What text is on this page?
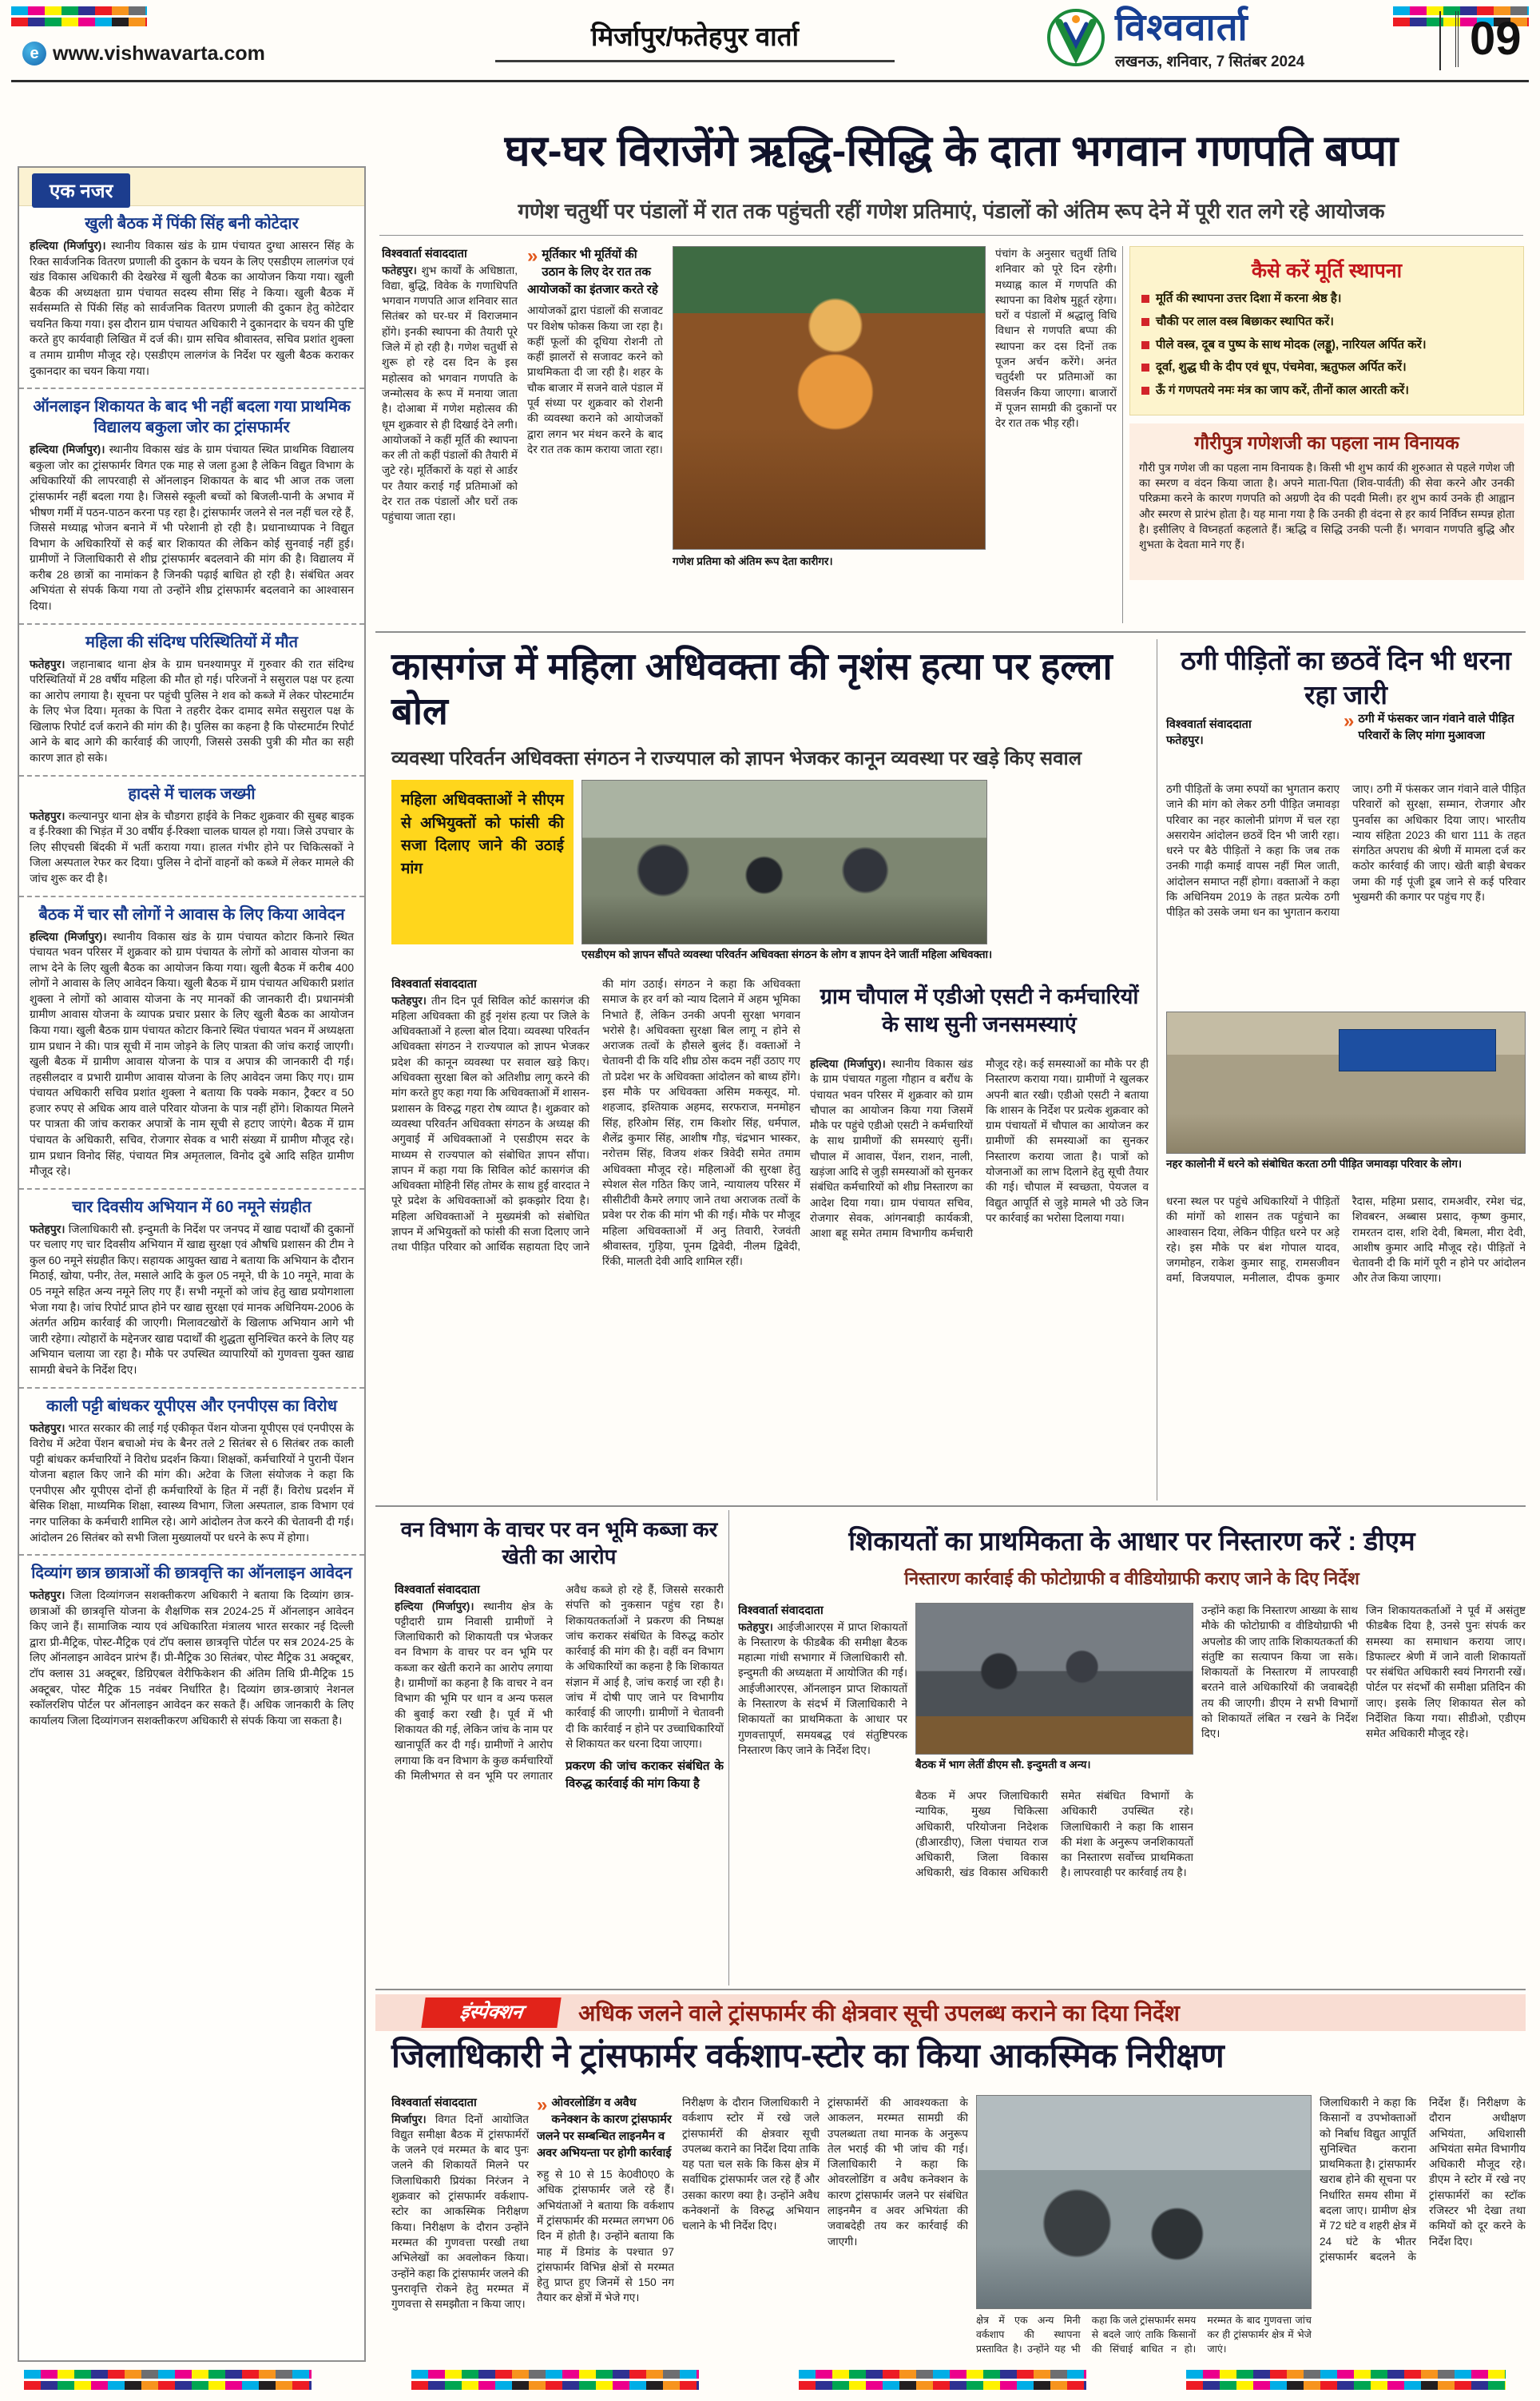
e www.vishwavarta.com
मिर्जापुर/फतेहपुर वार्ता	विश्ववार्ता
लखनऊ, शनिवार, 7 सितंबर 2024	09
एक नजर
खुली बैठक में पिंकी सिंह बनी कोटेदार
हल्दिया (मिर्जापुर)। स्थानीय विकास खंड के ग्राम पंचायत दुग्धा आसरन सिंह के रिक्त सार्वजनिक वितरण प्रणाली की दुकान के चयन के लिए एसडीएम लालगंज एवं खंड विकास अधिकारी की देखरेख में खुली बैठक का आयोजन किया गया। खुली बैठक की अध्यक्षता ग्राम पंचायत सदस्य सीमा सिंह ने किया। खुली बैठक में सर्वसम्मति से पिंकी सिंह को सार्वजनिक वितरण प्रणाली की दुकान हेतु कोटेदार चयनित किया गया। इस दौरान ग्राम पंचायत अधिकारी ने दुकानदार के चयन की पुष्टि करते हुए कार्यवाही लिखित में दर्ज की। ग्राम सचिव श्रीवास्तव, सचिव प्रशांत शुक्ला व तमाम ग्रामीण मौजूद रहे। एसडीएम लालगंज के निर्देश पर खुली बैठक कराकर दुकानदार का चयन किया गया।
ऑनलाइन शिकायत के बाद भी नहीं बदला गया प्राथमिक विद्यालय बकुला जोर का ट्रांसफार्मर
हल्दिया (मिर्जापुर)। स्थानीय विकास खंड के ग्राम पंचायत स्थित प्राथमिक विद्यालय बकुला जोर का ट्रांसफार्मर विगत एक माह से जला हुआ है लेकिन विद्युत विभाग के अधिकारियों की लापरवाही से ऑनलाइन शिकायत के बाद भी आज तक जला ट्रांसफार्मर नहीं बदला गया है। जिससे स्कूली बच्चों को बिजली-पानी के अभाव में भीषण गर्मी में पठन-पाठन करना पड़ रहा है। ट्रांसफार्मर जलने से नल नहीं चल रहे हैं, जिससे मध्याह्न भोजन बनाने में भी परेशानी हो रही है। प्रधानाध्यापक ने विद्युत विभाग के अधिकारियों से कई बार शिकायत की लेकिन कोई सुनवाई नहीं हुई। ग्रामीणों ने जिलाधिकारी से शीघ्र ट्रांसफार्मर बदलवाने की मांग की है। विद्यालय में करीब 28 छात्रों का नामांकन है जिनकी पढ़ाई बाधित हो रही है। संबंधित अवर अभियंता से संपर्क किया गया तो उन्होंने शीघ्र ट्रांसफार्मर बदलवाने का आश्वासन दिया।
महिला की संदिग्ध परिस्थितियों में मौत
फतेहपुर। जहानाबाद थाना क्षेत्र के ग्राम घनश्यामपुर में गुरुवार की रात संदिग्ध परिस्थितियों में 28 वर्षीय महिला की मौत हो गई। परिजनों ने ससुराल पक्ष पर हत्या का आरोप लगाया है। सूचना पर पहुंची पुलिस ने शव को कब्जे में लेकर पोस्टमार्टम के लिए भेज दिया। मृतका के पिता ने तहरीर देकर दामाद समेत ससुराल पक्ष के खिलाफ रिपोर्ट दर्ज कराने की मांग की है। पुलिस का कहना है कि पोस्टमार्टम रिपोर्ट आने के बाद आगे की कार्रवाई की जाएगी, जिससे उसकी पुत्री की मौत का सही कारण ज्ञात हो सके।
हादसे में चालक जख्मी
फतेहपुर। कल्यानपुर थाना क्षेत्र के चौडगरा हाईवे के निकट शुक्रवार की सुबह बाइक व ई-रिक्शा की भिड़ंत में 30 वर्षीय ई-रिक्शा चालक घायल हो गया। जिसे उपचार के लिए सीएचसी बिंदकी में भर्ती कराया गया। हालत गंभीर होने पर चिकित्सकों ने जिला अस्पताल रेफर कर दिया। पुलिस ने दोनों वाहनों को कब्जे में लेकर मामले की जांच शुरू कर दी है।
बैठक में चार सौ लोगों ने आवास के लिए किया आवेदन
हल्दिया (मिर्जापुर)। स्थानीय विकास खंड के ग्राम पंचायत कोटार किनारे स्थित पंचायत भवन परिसर में शुक्रवार को ग्राम पंचायत के लोगों को आवास योजना का लाभ देने के लिए खुली बैठक का आयोजन किया गया। खुली बैठक में करीब 400 लोगों ने आवास के लिए आवेदन किया। खुली बैठक में ग्राम पंचायत अधिकारी प्रशांत शुक्ला ने लोगों को आवास योजना के नए मानकों की जानकारी दी। प्रधानमंत्री ग्रामीण आवास योजना के व्यापक प्रचार प्रसार के लिए खुली बैठक का आयोजन किया गया। खुली बैठक ग्राम पंचायत कोटार किनारे स्थित पंचायत भवन में अध्यक्षता ग्राम प्रधान ने की। पात्र सूची में नाम जोड़ने के लिए पात्रता की जांच कराई जाएगी। खुली बैठक में ग्रामीण आवास योजना के पात्र व अपात्र की जानकारी दी गई। तहसीलदार व प्रभारी ग्रामीण आवास योजना के लिए आवेदन जमा किए गए। ग्राम पंचायत अधिकारी सचिव प्रशांत शुक्ला ने बताया कि पक्के मकान, ट्रैक्टर व 50 हजार रुपए से अधिक आय वाले परिवार योजना के पात्र नहीं होंगे। शिकायत मिलने पर पात्रता की जांच कराकर अपात्रों के नाम सूची से हटाए जाएंगे। बैठक में ग्राम पंचायत के अधिकारी, सचिव, रोजगार सेवक व भारी संख्या में ग्रामीण मौजूद रहे। ग्राम प्रधान विनोद सिंह, पंचायत मित्र अमृतलाल, विनोद दुबे आदि सहित ग्रामीण मौजूद रहे।
चार दिवसीय अभियान में 60 नमूने संग्रहीत
फतेहपुर। जिलाधिकारी सौ. इन्दुमती के निर्देश पर जनपद में खाद्य पदार्थों की दुकानों पर चलाए गए चार दिवसीय अभियान में खाद्य सुरक्षा एवं औषधि प्रशासन की टीम ने कुल 60 नमूने संग्रहीत किए। सहायक आयुक्त खाद्य ने बताया कि अभियान के दौरान मिठाई, खोया, पनीर, तेल, मसाले आदि के कुल 05 नमूने, घी के 10 नमूने, मावा के 05 नमूने सहित अन्य नमूने लिए गए हैं। सभी नमूनों को जांच हेतु खाद्य प्रयोगशाला भेजा गया है। जांच रिपोर्ट प्राप्त होने पर खाद्य सुरक्षा एवं मानक अधिनियम-2006 के अंतर्गत अग्रिम कार्रवाई की जाएगी। मिलावटखोरों के खिलाफ अभियान आगे भी जारी रहेगा। त्योहारों के मद्देनजर खाद्य पदार्थों की शुद्धता सुनिश्चित करने के लिए यह अभियान चलाया जा रहा है। मौके पर उपस्थित व्यापारियों को गुणवत्ता युक्त खाद्य सामग्री बेचने के निर्देश दिए।
काली पट्टी बांधकर यूपीएस और एनपीएस का विरोध
फतेहपुर। भारत सरकार की लाई गई एकीकृत पेंशन योजना यूपीएस एवं एनपीएस के विरोध में अटेवा पेंशन बचाओ मंच के बैनर तले 2 सितंबर से 6 सितंबर तक काली पट्टी बांधकर कर्मचारियों ने विरोध प्रदर्शन किया। शिक्षकों, कर्मचारियों ने पुरानी पेंशन योजना बहाल किए जाने की मांग की। अटेवा के जिला संयोजक ने कहा कि एनपीएस और यूपीएस दोनों ही कर्मचारियों के हित में नहीं हैं। विरोध प्रदर्शन में बेसिक शिक्षा, माध्यमिक शिक्षा, स्वास्थ्य विभाग, जिला अस्पताल, डाक विभाग एवं नगर पालिका के कर्मचारी शामिल रहे। आगे आंदोलन तेज करने की चेतावनी दी गई। आंदोलन 26 सितंबर को सभी जिला मुख्यालयों पर धरने के रूप में होगा।
दिव्यांग छात्र छात्राओं की छात्रवृत्ति का ऑनलाइन आवेदन
फतेहपुर। जिला दिव्यांगजन सशक्तीकरण अधिकारी ने बताया कि दिव्यांग छात्र-छात्राओं की छात्रवृत्ति योजना के शैक्षणिक सत्र 2024-25 में ऑनलाइन आवेदन किए जाने हैं। सामाजिक न्याय एवं अधिकारिता मंत्रालय भारत सरकार नई दिल्ली द्वारा प्री-मैट्रिक, पोस्ट-मैट्रिक एवं टॉप क्लास छात्रवृत्ति पोर्टल पर सत्र 2024-25 के लिए ऑनलाइन आवेदन प्रारंभ हैं। प्री-मैट्रिक 30 सितंबर, पोस्ट मैट्रिक 31 अक्टूबर, टॉप क्लास 31 अक्टूबर, डिग्रिएबल वेरीफिकेशन की अंतिम तिथि प्री-मैट्रिक 15 अक्टूबर, पोस्ट मैट्रिक 15 नवंबर निर्धारित है। दिव्यांग छात्र-छात्राएं नेशनल स्कॉलरशिप पोर्टल पर ऑनलाइन आवेदन कर सकते हैं। अधिक जानकारी के लिए कार्यालय जिला दिव्यांगजन सशक्तीकरण अधिकारी से संपर्क किया जा सकता है।
घर-घर विराजेंगे ऋद्धि-सिद्धि के दाता भगवान गणपति बप्पा
गणेश चतुर्थी पर पंडालों में रात तक पहुंचती रहीं गणेश प्रतिमाएं, पंडालों को अंतिम रूप देने में पूरी रात लगे रहे आयोजक
विश्ववार्ता संवाददाता
फतेहपुर। शुभ कार्यों के अधिष्ठाता, विद्या, बुद्धि, विवेक के गणाधिपति भगवान गणपति आज शनिवार सात सितंबर को घर-घर में विराजमान होंगे। इनकी स्थापना की तैयारी पूरे जिले में हो रही है। गणेश चतुर्थी से शुरू हो रहे दस दिन के इस महोत्सव को भगवान गणपति के जन्मोत्सव के रूप में मनाया जाता है। दोआबा में गणेश महोत्सव की धूम शुक्रवार से ही दिखाई देने लगी। आयोजकों ने कहीं मूर्ति की स्थापना कर ली तो कहीं पंडालों की तैयारी में जुटे रहे। मूर्तिकारों के यहां से आर्डर पर तैयार कराई गईं प्रतिमाओं को देर रात तक पंडालों और घरों तक पहुंचाया जाता रहा।
» मूर्तिकार भी मूर्तियों की उठान के लिए देर रात तक आयोजकों का इंतजार करते रहे
आयोजकों द्वारा पंडालों की सजावट पर विशेष फोकस किया जा रहा है। कहीं फूलों की दूधिया रोशनी तो कहीं झालरों से सजावट करने को प्राथमिकता दी जा रही है। शहर के चौक बाजार में सजने वाले पंडाल में पूर्व संध्या पर शुक्रवार को रोशनी की व्यवस्था कराने को आयोजकों द्वारा लगन भर मंथन करने के बाद देर रात तक काम कराया जाता रहा।
गणेश प्रतिमा को अंतिम रूप देता कारीगर।
पंचांग के अनुसार चतुर्थी तिथि शनिवार को पूरे दिन रहेगी। मध्याह्न काल में गणपति की स्थापना का विशेष मुहूर्त रहेगा। घरों व पंडालों में श्रद्धालु विधि विधान से गणपति बप्पा की स्थापना कर दस दिनों तक पूजन अर्चन करेंगे। अनंत चतुर्दशी पर प्रतिमाओं का विसर्जन किया जाएगा। बाजारों में पूजन सामग्री की दुकानों पर देर रात तक भीड़ रही।
कैसे करें मूर्ति स्थापना
मूर्ति की स्थापना उत्तर दिशा में करना श्रेष्ठ है।
चौकी पर लाल वस्त्र बिछाकर स्थापित करें।
पीले वस्त्र, दूब व पुष्प के साथ मोदक (लड्डू), नारियल अर्पित करें।
दूर्वा, शुद्ध घी के दीप एवं धूप, पंचमेवा, ऋतुफल अर्पित करें।
ऊँ गं गणपतये नमः मंत्र का जाप करें, तीनों काल आरती करें।
गौरीपुत्र गणेशजी का पहला नाम विनायक
गौरी पुत्र गणेश जी का पहला नाम विनायक है। किसी भी शुभ कार्य की शुरुआत से पहले गणेश जी का स्मरण व वंदन किया जाता है। अपने माता-पिता (शिव-पार्वती) की सेवा करने और उनकी परिक्रमा करने के कारण गणपति को अग्रणी देव की पदवी मिली। हर शुभ कार्य उनके ही आह्वान और स्मरण से प्रारंभ होता है। यह माना गया है कि उनकी ही वंदना से हर कार्य निर्विघ्न सम्पन्न होता है। इसीलिए वे विघ्नहर्ता कहलाते हैं। ऋद्धि व सिद्धि उनकी पत्नी हैं। भगवान गणपति बुद्धि और शुभता के देवता माने गए हैं।
कासगंज में महिला अधिवक्ता की नृशंस हत्या पर हल्ला बोल
व्यवस्था परिवर्तन अधिवक्ता संगठन ने राज्यपाल को ज्ञापन भेजकर कानून व्यवस्था पर खड़े किए सवाल
महिला अधिवक्ताओं ने सीएम से अभियुक्तों को फांसी की सजा दिलाए जाने की उठाई मांग
एसडीएम को ज्ञापन सौंपते व्यवस्था परिवर्तन अधिवक्ता संगठन के लोग व ज्ञापन देने जातीं महिला अधिवक्ता।
विश्ववार्ता संवाददाता
फतेहपुर। तीन दिन पूर्व सिविल कोर्ट कासगंज की महिला अधिवक्ता की हुई नृशंस हत्या पर जिले के अधिवक्ताओं ने हल्ला बोल दिया। व्यवस्था परिवर्तन अधिवक्ता संगठन ने राज्यपाल को ज्ञापन भेजकर प्रदेश की कानून व्यवस्था पर सवाल खड़े किए। अधिवक्ता सुरक्षा बिल को अतिशीघ्र लागू करने की मांग करते हुए कहा गया कि अधिवक्ताओं में शासन-प्रशासन के विरुद्ध गहरा रोष व्याप्त है। शुक्रवार को व्यवस्था परिवर्तन अधिवक्ता संगठन के अध्यक्ष की अगुवाई में अधिवक्ताओं ने एसडीएम सदर के माध्यम से राज्यपाल को संबोधित ज्ञापन सौंपा। ज्ञापन में कहा गया कि सिविल कोर्ट कासगंज की अधिवक्ता मोहिनी सिंह तोमर के साथ हुई वारदात ने पूरे प्रदेश के अधिवक्ताओं को झकझोर दिया है। महिला अधिवक्ताओं ने मुख्यमंत्री को संबोधित ज्ञापन में अभियुक्तों को फांसी की सजा दिलाए जाने तथा पीड़ित परिवार को आर्थिक सहायता दिए जाने की मांग उठाई। संगठन ने कहा कि अधिवक्ता समाज के हर वर्ग को न्याय दिलाने में अहम भूमिका निभाते हैं, लेकिन उनकी अपनी सुरक्षा भगवान भरोसे है। अधिवक्ता सुरक्षा बिल लागू न होने से अराजक तत्वों के हौसले बुलंद हैं। वक्ताओं ने चेतावनी दी कि यदि शीघ्र ठोस कदम नहीं उठाए गए तो प्रदेश भर के अधिवक्ता आंदोलन को बाध्य होंगे। इस मौके पर अधिवक्ता असिम मकसूद, मो. शहजाद, इश्तियाक अहमद, सरफराज, मनमोहन सिंह, हरिओम सिंह, राम किशोर सिंह, धर्मपाल, शैलेंद्र कुमार सिंह, आशीष गौड़, चंद्रभान भास्कर, नरोत्तम सिंह, विजय शंकर त्रिवेदी समेत तमाम अधिवक्ता मौजूद रहे। महिलाओं की सुरक्षा हेतु स्पेशल सेल गठित किए जाने, न्यायालय परिसर में सीसीटीवी कैमरे लगाए जाने तथा अराजक तत्वों के प्रवेश पर रोक की मांग भी की गई। मौके पर मौजूद महिला अधिवक्ताओं में अनु तिवारी, रेजवंती श्रीवास्तव, गुड़िया, पूनम द्विवेदी, नीलम द्विवेदी, रिंकी, मालती देवी आदि शामिल रहीं।
ग्राम चौपाल में एडीओ एसटी ने कर्मचारियों के साथ सुनी जनसमस्याएं
हल्दिया (मिर्जापुर)। स्थानीय विकास खंड के ग्राम पंचायत गहुला गौहान व बरौंध के पंचायत भवन परिसर में शुक्रवार को ग्राम चौपाल का आयोजन किया गया जिसमें मौके पर पहुंचे एडीओ एसटी ने कर्मचारियों के साथ ग्रामीणों की समस्याएं सुनीं। चौपाल में आवास, पेंशन, राशन, नाली, खड़ंजा आदि से जुड़ी समस्याओं को सुनकर संबंधित कर्मचारियों को शीघ्र निस्तारण का आदेश दिया गया। ग्राम पंचायत सचिव, रोजगार सेवक, आंगनबाड़ी कार्यकत्री, आशा बहू समेत तमाम विभागीय कर्मचारी मौजूद रहे। कई समस्याओं का मौके पर ही निस्तारण कराया गया। ग्रामीणों ने खुलकर अपनी बात रखी। एडीओ एसटी ने बताया कि शासन के निर्देश पर प्रत्येक शुक्रवार को ग्राम पंचायतों में चौपाल का आयोजन कर ग्रामीणों की समस्याओं का सुनकर निस्तारण कराया जाता है। पात्रों को योजनाओं का लाभ दिलाने हेतु सूची तैयार की गई। चौपाल में स्वच्छता, पेयजल व विद्युत आपूर्ति से जुड़े मामले भी उठे जिन पर कार्रवाई का भरोसा दिलाया गया।
ठगी पीड़ितों का छठवें दिन भी धरना रहा जारी
विश्ववार्ता संवाददाता
फतेहपुर।
» ठगी में फंसकर जान गंवाने वाले पीड़ित परिवारों के लिए मांगा मुआवजा
ठगी पीड़ितों के जमा रुपयों का भुगतान कराए जाने की मांग को लेकर ठगी पीड़ित जमावड़ा परिवार का नहर कालोनी प्रांगण में चल रहा असरायेन आंदोलन छठवें दिन भी जारी रहा। धरने पर बैठे पीड़ितों ने कहा कि जब तक उनकी गाढ़ी कमाई वापस नहीं मिल जाती, आंदोलन समाप्त नहीं होगा। वक्ताओं ने कहा कि अधिनियम 2019 के तहत प्रत्येक ठगी पीड़ित को उसके जमा धन का भुगतान कराया जाए। ठगी में फंसकर जान गंवाने वाले पीड़ित परिवारों को सुरक्षा, सम्मान, रोजगार और पुनर्वास का अधिकार दिया जाए। भारतीय न्याय संहिता 2023 की धारा 111 के तहत संगठित अपराध की श्रेणी में मामला दर्ज कर कठोर कार्रवाई की जाए। खेती बाड़ी बेचकर जमा की गई पूंजी डूब जाने से कई परिवार भुखमरी की कगार पर पहुंच गए हैं।
नहर कालोनी में धरने को संबोधित करता ठगी पीड़ित जमावड़ा परिवार के लोग।
धरना स्थल पर पहुंचे अधिकारियों ने पीड़ितों की मांगों को शासन तक पहुंचाने का आश्वासन दिया, लेकिन पीड़ित धरने पर अड़े रहे। इस मौके पर बंश गोपाल यादव, जगमोहन, राकेश कुमार साहू, रामसजीवन वर्मा, विजयपाल, मनीलाल, दीपक कुमार रैदास, महिमा प्रसाद, रामअवीर, रमेश चंद्र, शिवबरन, अब्बास प्रसाद, कृष्ण कुमार, रामरतन दास, शशि देवी, बिमला, मीरा देवी, आशीष कुमार आदि मौजूद रहे। पीड़ितों ने चेतावनी दी कि मांगें पूरी न होने पर आंदोलन और तेज किया जाएगा।
वन विभाग के वाचर पर वन भूमि कब्जा कर खेती का आरोप
विश्ववार्ता संवाददाता
हल्दिया (मिर्जापुर)। स्थानीय क्षेत्र के पट्टीदारी ग्राम निवासी ग्रामीणों ने जिलाधिकारी को शिकायती पत्र भेजकर वन विभाग के वाचर पर वन भूमि पर कब्जा कर खेती कराने का आरोप लगाया है। ग्रामीणों का कहना है कि वाचर ने वन विभाग की भूमि पर धान व अन्य फसल की बुवाई करा रखी है। पूर्व में भी शिकायत की गई, लेकिन जांच के नाम पर खानापूर्ति कर दी गई। ग्रामीणों ने आरोप लगाया कि वन विभाग के कुछ कर्मचारियों की मिलीभगत से वन भूमि पर लगातार अवैध कब्जे हो रहे हैं, जिससे सरकारी संपत्ति को नुकसान पहुंच रहा है। शिकायतकर्ताओं ने प्रकरण की निष्पक्ष जांच कराकर संबंधित के विरुद्ध कठोर कार्रवाई की मांग की है। वहीं वन विभाग के अधिकारियों का कहना है कि शिकायत संज्ञान में आई है, जांच कराई जा रही है। जांच में दोषी पाए जाने पर विभागीय कार्रवाई की जाएगी। ग्रामीणों ने चेतावनी दी कि कार्रवाई न होने पर उच्चाधिकारियों से शिकायत कर धरना दिया जाएगा।
प्रकरण की जांच कराकर संबंधित के विरुद्ध कार्रवाई की मांग किया है
शिकायतों का प्राथमिकता के आधार पर निस्तारण करें : डीएम
निस्तारण कार्रवाई की फोटोग्राफी व वीडियोग्राफी कराए जाने के दिए निर्देश
विश्ववार्ता संवाददाता
फतेहपुर। आईजीआरएस में प्राप्त शिकायतों के निस्तारण के फीडबैक की समीक्षा बैठक महात्मा गांधी सभागार में जिलाधिकारी सौ. इन्दुमती की अध्यक्षता में आयोजित की गई। आईजीआरएस, ऑनलाइन प्राप्त शिकायतों के निस्तारण के संदर्भ में जिलाधिकारी ने शिकायतों का प्राथमिकता के आधार पर गुणवत्तापूर्ण, समयबद्ध एवं संतुष्टिपरक निस्तारण किए जाने के निर्देश दिए।
बैठक में भाग लेतीं डीएम सौ. इन्दुमती व अन्य।
बैठक में अपर जिलाधिकारी न्यायिक, मुख्य चिकित्सा अधिकारी, परियोजना निदेशक (डीआरडीए), जिला पंचायत राज अधिकारी, जिला विकास अधिकारी, खंड विकास अधिकारी समेत संबंधित विभागों के अधिकारी उपस्थित रहे। जिलाधिकारी ने कहा कि शासन की मंशा के अनुरूप जनशिकायतों का निस्तारण सर्वोच्च प्राथमिकता है। लापरवाही पर कार्रवाई तय है।
उन्होंने कहा कि निस्तारण आख्या के साथ मौके की फोटोग्राफी व वीडियोग्राफी भी अपलोड की जाए ताकि शिकायतकर्ता की संतुष्टि का सत्यापन किया जा सके। शिकायतों के निस्तारण में लापरवाही बरतने वाले अधिकारियों की जवाबदेही तय की जाएगी। डीएम ने सभी विभागों को शिकायतें लंबित न रखने के निर्देश दिए।
जिन शिकायतकर्ताओं ने पूर्व में असंतुष्ट फीडबैक दिया है, उनसे पुनः संपर्क कर समस्या का समाधान कराया जाए। डिफाल्टर श्रेणी में जाने वाली शिकायतों पर संबंधित अधिकारी स्वयं निगरानी रखें। पोर्टल पर संदर्भों की समीक्षा प्रतिदिन की जाए। इसके लिए शिकायत सेल को निर्देशित किया गया। सीडीओ, एडीएम समेत अधिकारी मौजूद रहे।
इंस्पेक्शन	अधिक जलने वाले ट्रांसफार्मर की क्षेत्रवार सूची उपलब्ध कराने का दिया निर्देश
जिलाधिकारी ने ट्रांसफार्मर वर्कशाप-स्टोर का किया आकस्मिक निरीक्षण
विश्ववार्ता संवाददाता
मिर्जापुर। विगत दिनों आयोजित विद्युत समीक्षा बैठक में ट्रांसफार्मरों के जलने एवं मरम्मत के बाद पुनः जलने की शिकायतें मिलने पर जिलाधिकारी प्रियंका निरंजन ने शुक्रवार को ट्रांसफार्मर वर्कशाप-स्टोर का आकस्मिक निरीक्षण किया। निरीक्षण के दौरान उन्होंने मरम्मत की गुणवत्ता परखी तथा अभिलेखों का अवलोकन किया। उन्होंने कहा कि ट्रांसफार्मर जलने की पुनरावृत्ति रोकने हेतु मरम्मत में गुणवत्ता से समझौता न किया जाए।
» ओवरलोडिंग व अवैध कनेक्शन के कारण ट्रांसफार्मर जलने पर सम्बन्धित लाइनमैन व अवर अभियन्ता पर होगी कार्रवाई
रुहु से 10 से 15 के0वी0ए0 के अधिक ट्रांसफार्मर जले रहे हैं। अभियंताओं ने बताया कि वर्कशाप में ट्रांसफार्मर की मरम्मत लगभग 06 दिन में होती है। उन्होंने बताया कि माह में डिमांड के पश्चात 97 ट्रांसफार्मर विभिन्न क्षेत्रों से मरम्मत हेतु प्राप्त हुए जिनमें से 150 नग तैयार कर क्षेत्रों में भेजे गए।
निरीक्षण के दौरान जिलाधिकारी ने वर्कशाप स्टोर में रखे जले ट्रांसफार्मरों की क्षेत्रवार सूची उपलब्ध कराने का निर्देश दिया ताकि यह पता चल सके कि किस क्षेत्र में सर्वाधिक ट्रांसफार्मर जल रहे हैं और उसका कारण क्या है। उन्होंने अवैध कनेक्शनों के विरुद्ध अभियान चलाने के भी निर्देश दिए।
ट्रांसफार्मरों की आवश्यकता के आकलन, मरम्मत सामग्री की उपलब्धता तथा मानक के अनुरूप तेल भराई की भी जांच की गई। जिलाधिकारी ने कहा कि ओवरलोडिंग व अवैध कनेक्शन के कारण ट्रांसफार्मर जलने पर संबंधित लाइनमैन व अवर अभियंता की जवाबदेही तय कर कार्रवाई की जाएगी।
क्षेत्र में एक अन्य मिनी वर्कशाप की स्थापना प्रस्तावित है। उन्होंने यह भी कहा कि जले ट्रांसफार्मर समय से बदले जाएं ताकि किसानों की सिंचाई बाधित न हो। मरम्मत के बाद गुणवत्ता जांच कर ही ट्रांसफार्मर क्षेत्र में भेजे जाएं।
जिलाधिकारी ने कहा कि किसानों व उपभोक्ताओं को निर्बाध विद्युत आपूर्ति सुनिश्चित कराना प्राथमिकता है। ट्रांसफार्मर खराब होने की सूचना पर निर्धारित समय सीमा में बदला जाए। ग्रामीण क्षेत्र में 72 घंटे व शहरी क्षेत्र में 24 घंटे के भीतर ट्रांसफार्मर बदलने के निर्देश हैं। निरीक्षण के दौरान अधीक्षण अभियंता, अधिशासी अभियंता समेत विभागीय अधिकारी मौजूद रहे। डीएम ने स्टोर में रखे नए ट्रांसफार्मरों का स्टॉक रजिस्टर भी देखा तथा कमियों को दूर करने के निर्देश दिए।
